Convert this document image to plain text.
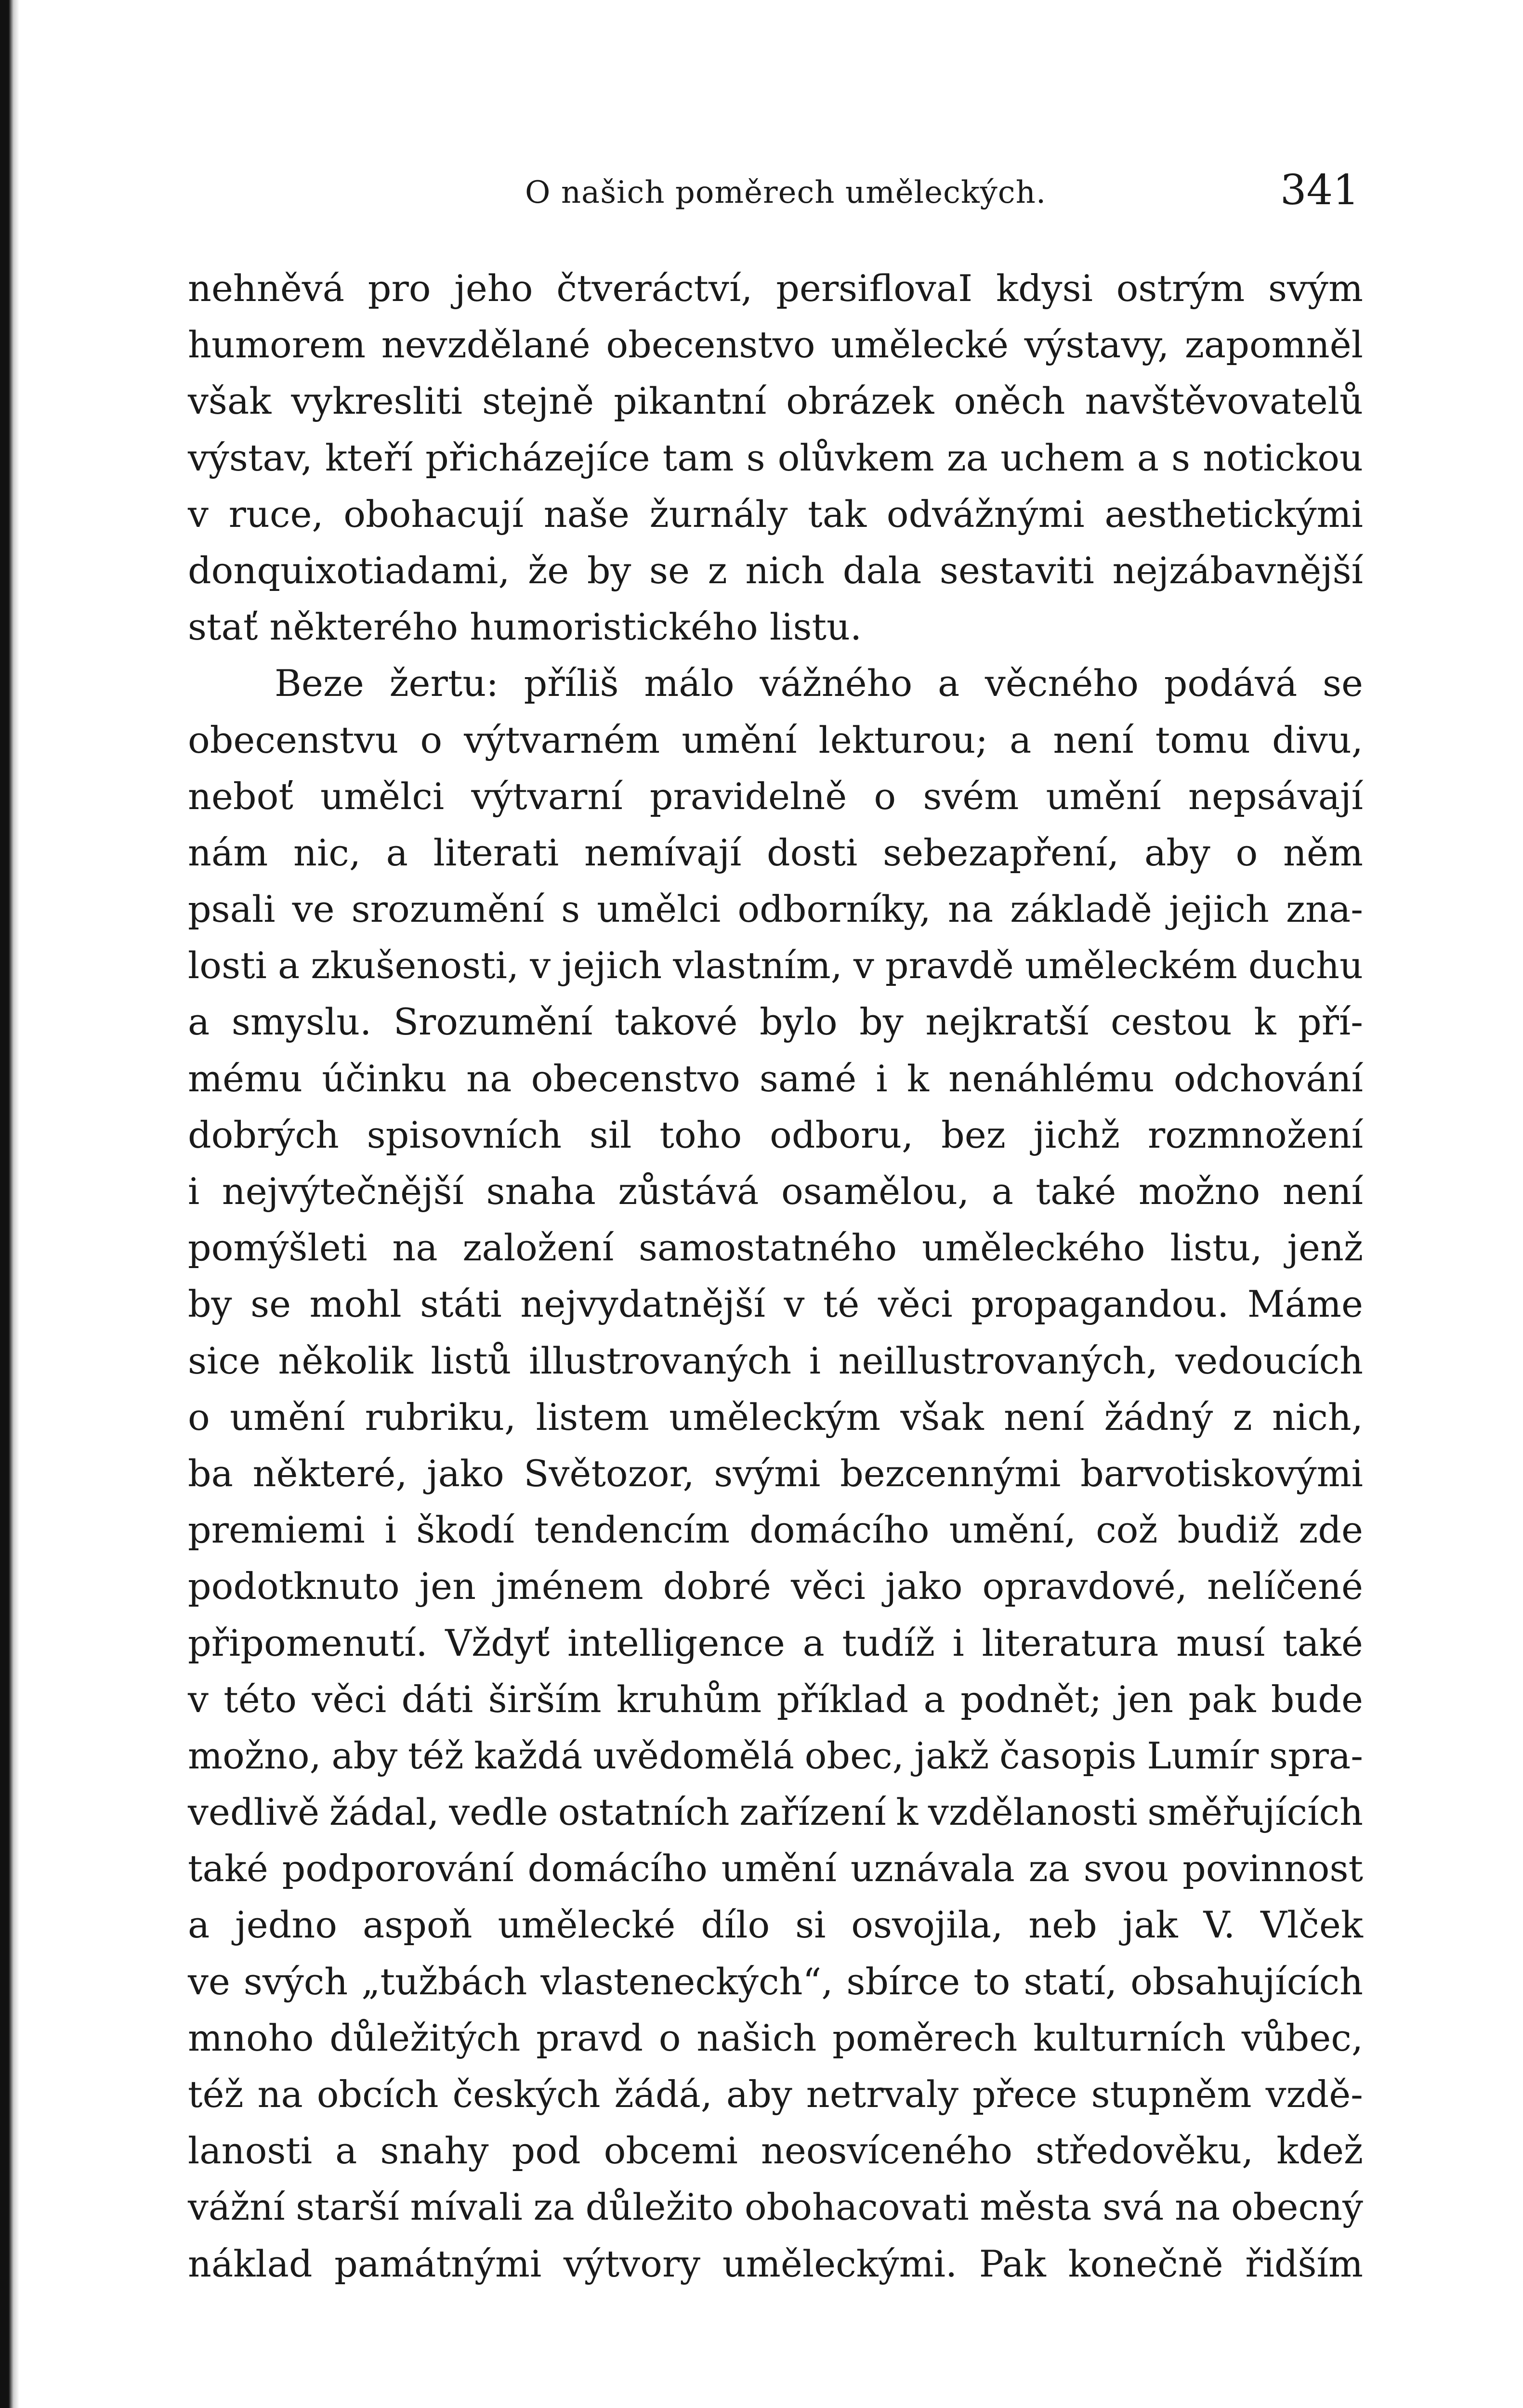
O našich poměrech uměleckých.	341
nehněvá pro jeho čtveráctví, persiflovaI kdysi ostrým svým
humorem nevzdělané obecenstvo umělecké výstavy, zapomněl
však vykresliti stejně pikantní obrázek oněch navštěvovatelů
výstav, kteří přicházejíce tam s olůvkem za uchem a s notickou
v ruce, obohacují naše žurnály tak odvážnými aesthetickými
donquixotiadami, že by se z nich dala sestaviti nejzábavnější
stať některého humoristického listu.
Beze žertu: příliš málo vážného a věcného podává se
obecenstvu o výtvarném umění lekturou; a není tomu divu,
neboť umělci výtvarní pravidelně o svém umění nepsávají
nám nic, a literati nemívají dosti sebezapření, aby o něm
psali ve srozumění s umělci odborníky, na základě jejich zna-
losti a zkušenosti, v jejich vlastním, v pravdě uměleckém duchu
a smyslu. Srozumění takové bylo by nejkratší cestou k pří-
mému účinku na obecenstvo samé i k nenáhlému odchování
dobrých spisovních sil toho odboru, bez jichž rozmnožení
i nejvýtečnější snaha zůstává osamělou, a také možno není
pomýšleti na založení samostatného uměleckého listu, jenž
by se mohl státi nejvydatnější v té věci propagandou. Máme
sice několik listů illustrovaných i neillustrovaných, vedoucích
o umění rubriku, listem uměleckým však není žádný z nich,
ba některé, jako Světozor, svými bezcennými barvotiskovými
premiemi i škodí tendencím domácího umění, což budiž zde
podotknuto jen jménem dobré věci jako opravdové, nelíčené
připomenutí. Vždyť intelligence a tudíž i literatura musí také
v této věci dáti širším kruhům příklad a podnět; jen pak bude
možno, aby též každá uvědomělá obec, jakž časopis Lumír spra-
vedlivě žádal, vedle ostatních zařízení k vzdělanosti směřujících
také podporování domácího umění uznávala za svou povinnost
a jedno aspoň umělecké dílo si osvojila, neb jak V. Vlček
ve svých „tužbách vlasteneckých“, sbírce to statí, obsahujících
mnoho důležitých pravd o našich poměrech kulturních vůbec,
též na obcích českých žádá, aby netrvaly přece stupněm vzdě-
lanosti a snahy pod obcemi neosvíceného středověku, kdež
vážní starší mívali za důležito obohacovati města svá na obecný
náklad památnými výtvory uměleckými. Pak konečně řidším
